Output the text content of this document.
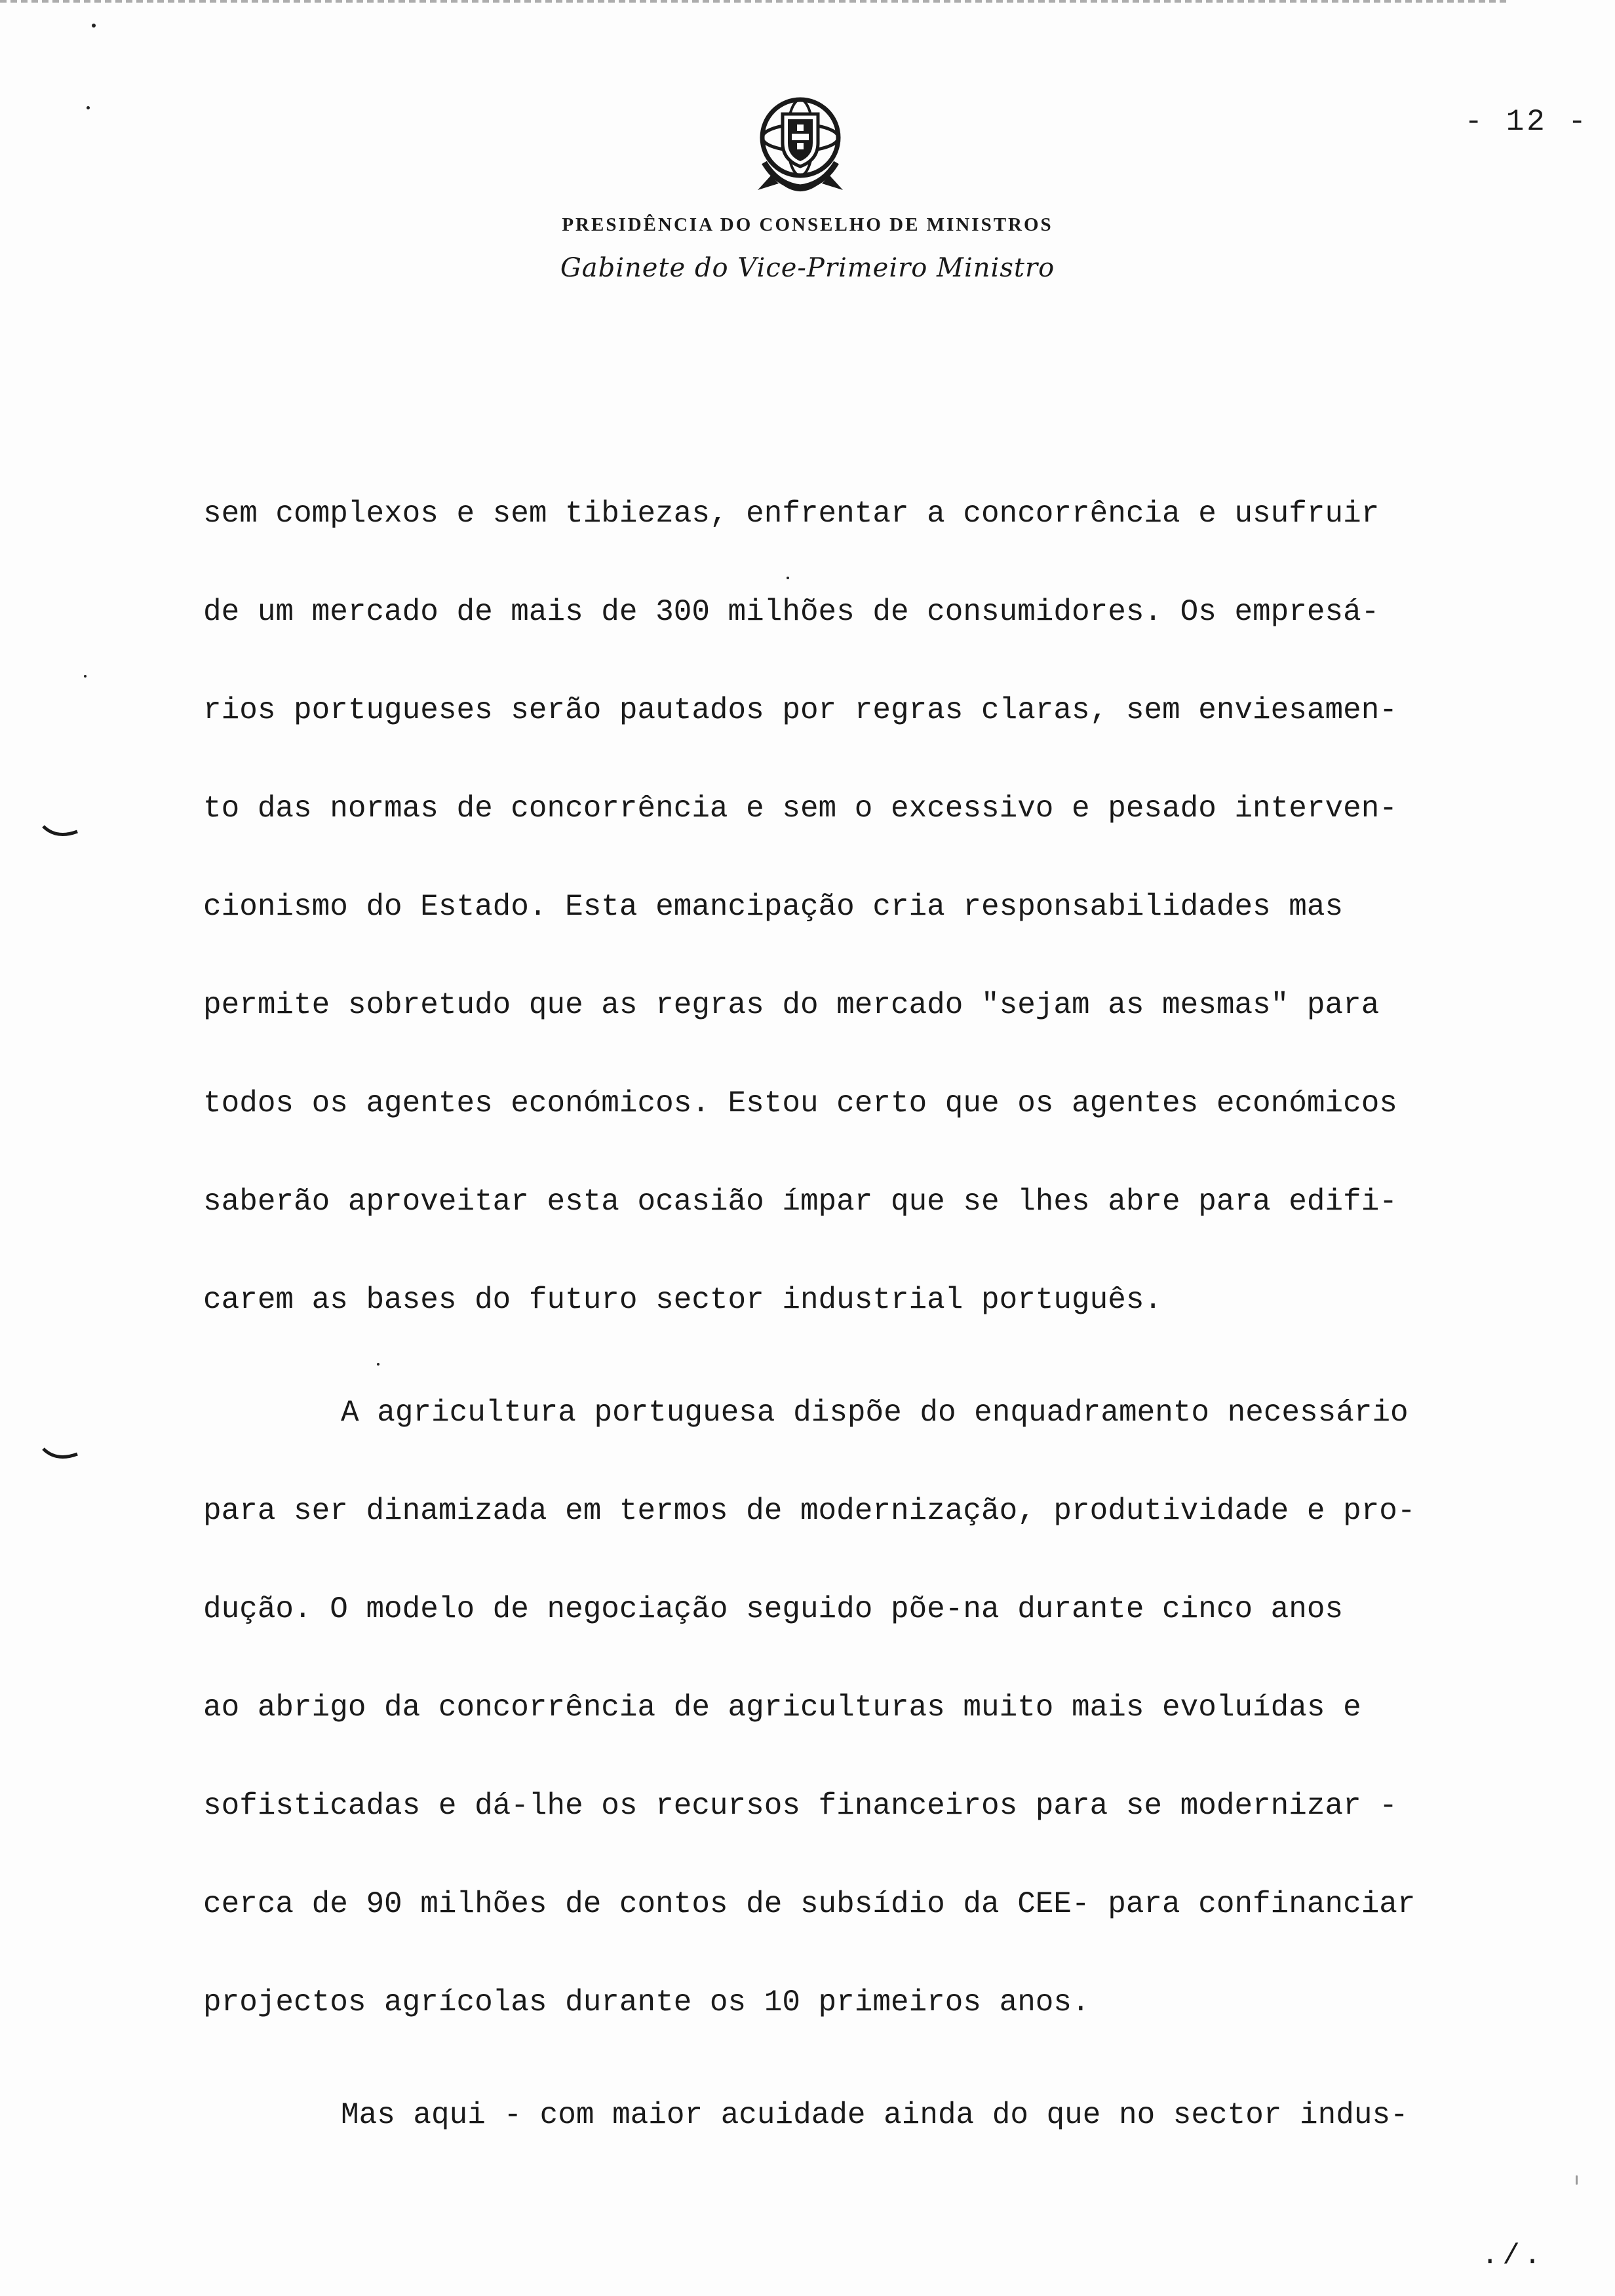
- 12 -
PRESIDÊNCIA DO CONSELHO DE MINISTROS
Gabinete do Vice-Primeiro Ministro
sem complexos e sem tibiezas, enfrentar a concorrência e usufruir
de um mercado de mais de 300 milhões de consumidores. Os empresá-
rios portugueses serão pautados por regras claras, sem enviesamen-
to das normas de concorrência e sem o excessivo e pesado interven-
cionismo do Estado. Esta emancipação cria responsabilidades mas
permite sobretudo que as regras do mercado "sejam as mesmas" para
todos os agentes económicos. Estou certo que os agentes económicos
saberão aproveitar esta ocasião ímpar que se lhes abre para edifi-
carem as bases do futuro sector industrial português.
A agricultura portuguesa dispõe do enquadramento necessário
para ser dinamizada em termos de modernização, produtividade e pro-
dução. O modelo de negociação seguido põe-na durante cinco anos
ao abrigo da concorrência de agriculturas muito mais evoluídas e
sofisticadas e dá-lhe os recursos financeiros para se modernizar -
cerca de 90 milhões de contos de subsídio da CEE- para confinanciar
projectos agrícolas durante os 10 primeiros anos.
Mas aqui - com maior acuidade ainda do que no sector indus-
./.
